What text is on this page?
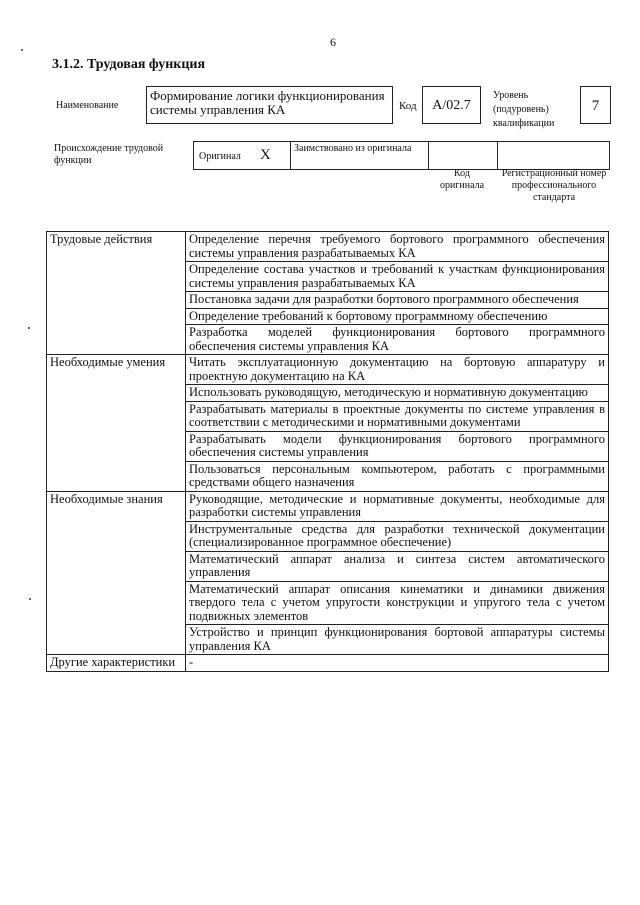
6
3.1.2. Трудовая функция
Наименование
Формирование логики функционирования системы управления КА	Код	A/02.7
Уровень (подуровень) квалификации
7
Происхождение трудовой функции	Оригинал X Заимствовано из оригинала
Код оригинала
Регистрационный номер профессионального стандарта
Трудовые действия	Определение перечня требуемого бортового программного обеспечения системы управления разрабатываемых КА
	Определение состава участков и требований к участкам функционирования системы управления разрабатываемых КА
	Постановка задачи для разработки бортового программного обеспечения
	Определение требований к бортовому программному обеспечению
	Разработка моделей функционирования бортового программного обеспечения системы управления КА
Необходимые умения	Читать эксплуатационную документацию на бортовую аппаратуру и проектную документацию на КА
	Использовать руководящую, методическую и нормативную документацию
	Разрабатывать материалы в проектные документы по системе управления в соответствии с методическими и нормативными документами
	Разрабатывать модели функционирования бортового программного обеспечения системы управления
	Пользоваться персональным компьютером, работать с программными средствами общего назначения
Необходимые знания	Руководящие, методические и нормативные документы, необходимые для разработки системы управления
	Инструментальные средства для разработки технической документации (специализированное программное обеспечение)
	Математический аппарат анализа и синтеза систем автоматического управления
	Математический аппарат описания кинематики и динамики движения твердого тела с учетом упругости конструкции и упругого тела с учетом подвижных элементов
	Устройство и принцип функционирования бортовой аппаратуры системы управления КА
Другие характеристики	-
